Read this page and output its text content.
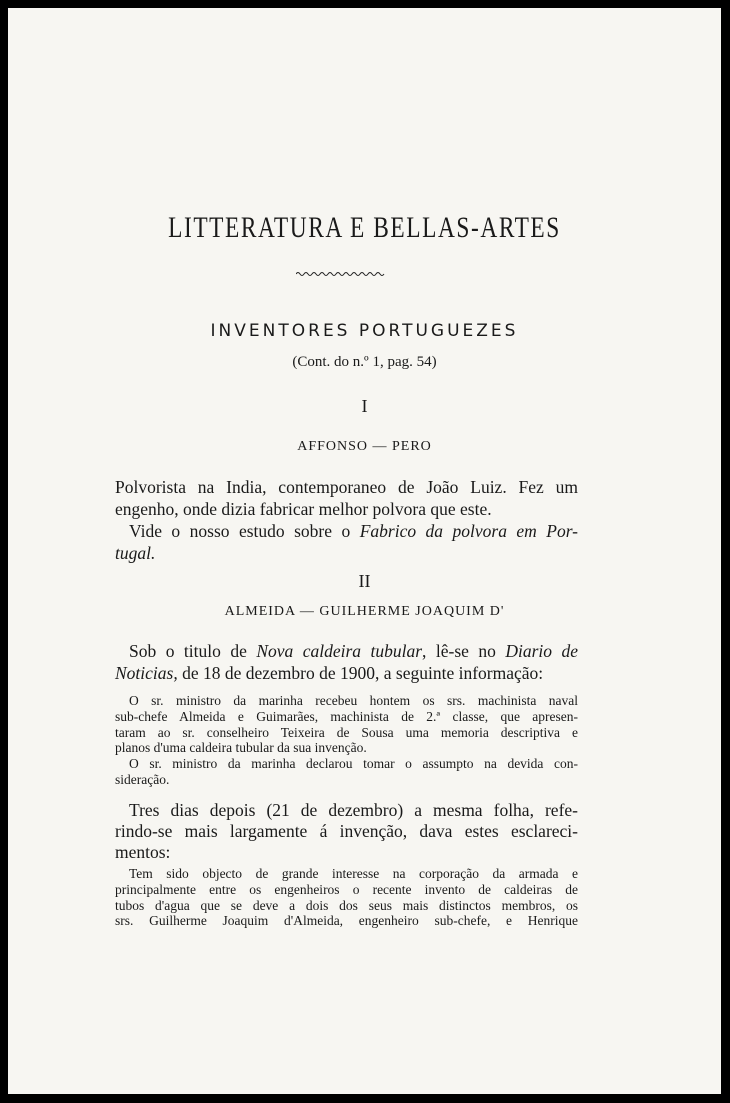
LITTERATURA E BELLAS-ARTES
INVENTORES PORTUGUEZES
(Cont. do n.º 1, pag. 54)
I
AFFONSO — PERO
Polvorista na India, contemporaneo de João Luiz. Fez um
engenho, onde dizia fabricar melhor polvora que este.
Vide o nosso estudo sobre o Fabrico da polvora em Por-
tugal.
II
ALMEIDA — GUILHERME JOAQUIM D'
Sob o titulo de Nova caldeira tubular, lê-se no Diario de
Noticias, de 18 de dezembro de 1900, a seguinte informação:
O sr. ministro da marinha recebeu hontem os srs. machinista naval
sub-chefe Almeida e Guimarães, machinista de 2.ª classe, que apresen-
taram ao sr. conselheiro Teixeira de Sousa uma memoria descriptiva e
planos d'uma caldeira tubular da sua invenção.
O sr. ministro da marinha declarou tomar o assumpto na devida con-
sideração.
Tres dias depois (21 de dezembro) a mesma folha, refe-
rindo-se mais largamente á invenção, dava estes esclareci-
mentos:
Tem sido objecto de grande interesse na corporação da armada e
principalmente entre os engenheiros o recente invento de caldeiras de
tubos d'agua que se deve a dois dos seus mais distinctos membros, os
srs. Guilherme Joaquim d'Almeida, engenheiro sub-chefe, e Henrique
